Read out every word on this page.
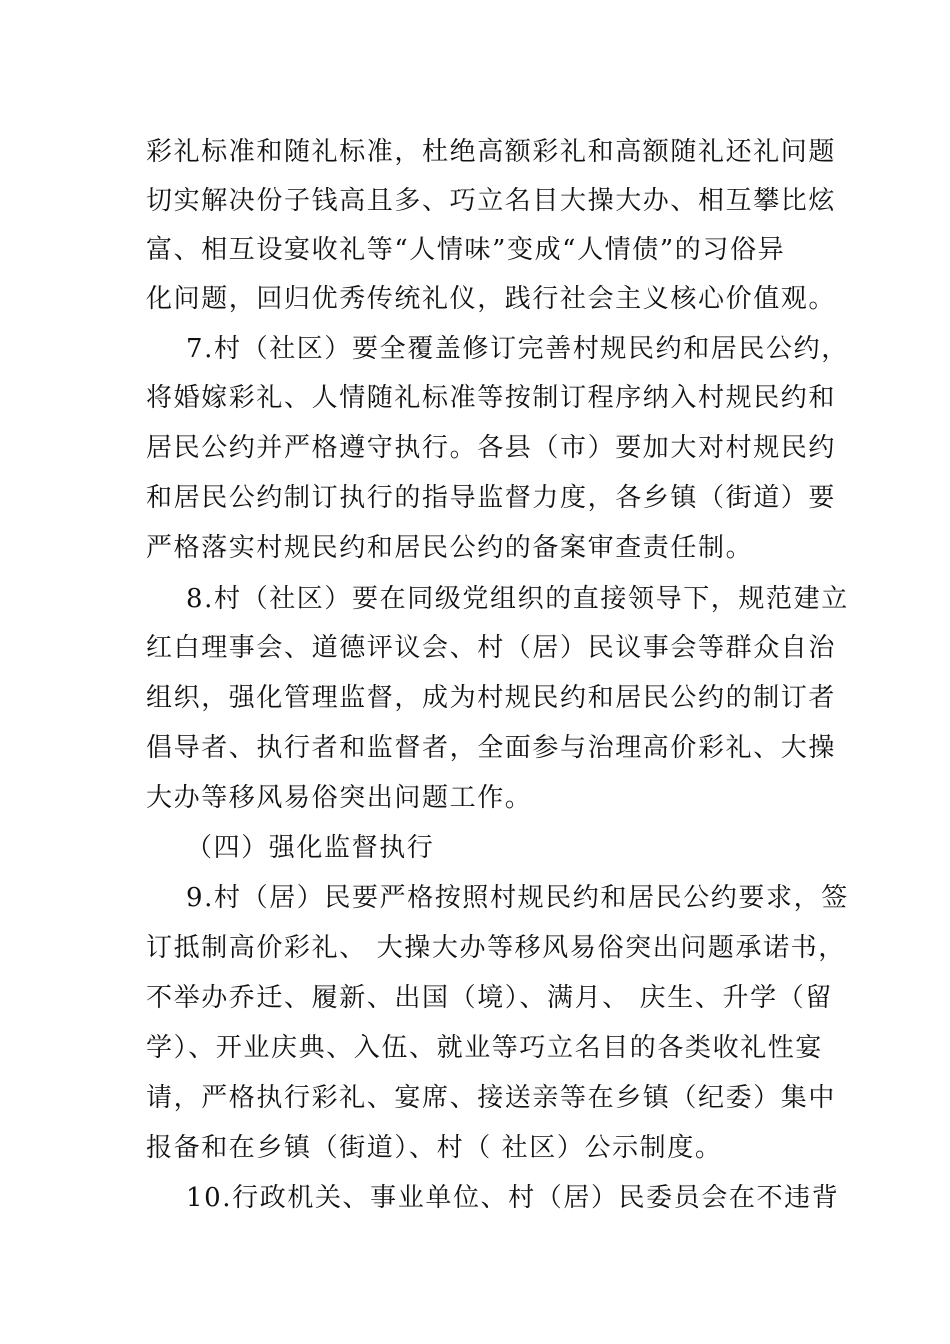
彩礼标准和随礼标准，杜绝高额彩礼和高额随礼还礼问题
切实解决份子钱高且多、巧立名目大操大办、相互攀比炫
富、相互设宴收礼等“人情味”变成“人情债”的习俗异
化问题，回归优秀传统礼仪，践行社会主义核心价值观。
7.村（社区）要全覆盖修订完善村规民约和居民公约，
将婚嫁彩礼、人情随礼标准等按制订程序纳入村规民约和
居民公约并严格遵守执行。各县（市）要加大对村规民约
和居民公约制订执行的指导监督力度，各乡镇（街道）要
严格落实村规民约和居民公约的备案审查责任制。
8.村（社区）要在同级党组织的直接领导下，规范建立
红白理事会、道德评议会、村（居）民议事会等群众自治
组织，强化管理监督，成为村规民约和居民公约的制订者
倡导者、执行者和监督者，全面参与治理高价彩礼、大操
大办等移风易俗突出问题工作。
（四）强化监督执行
9.村（居）民要严格按照村规民约和居民公约要求，签
订抵制高价彩礼、 大操大办等移风易俗突出问题承诺书，
不举办乔迁、履新、出国（境）、满月、 庆生、升学（留
学）、开业庆典、入伍、就业等巧立名目的各类收礼性宴
请，严格执行彩礼、宴席、接送亲等在乡镇（纪委）集中
报备和在乡镇（街道）、村（ 社区）公示制度。
10.行政机关、事业单位、村（居）民委员会在不违背
